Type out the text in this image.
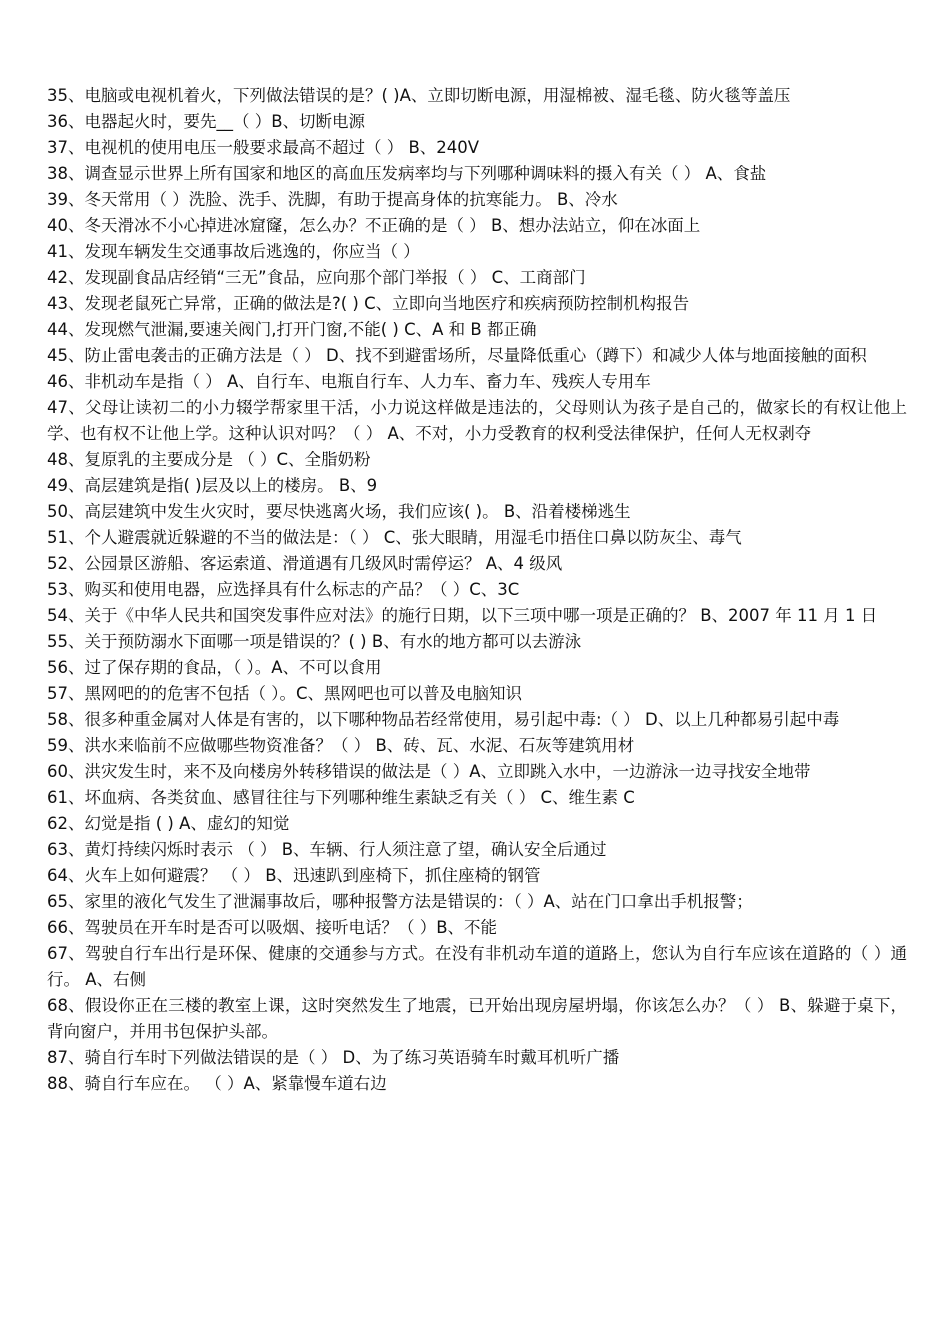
35、电脑或电视机着火，下列做法错误的是？( )A、立即切断电源，用湿棉被、湿毛毯、防火毯等盖压
36、电器起火时，要先__（ ）B、切断电源
37、电视机的使用电压一般要求最高不超过（ ） B、240V
38、调查显示世界上所有国家和地区的高血压发病率均与下列哪种调味料的摄入有关（ ） A、食盐
39、冬天常用（ ）洗脸、洗手、洗脚，有助于提高身体的抗寒能力。 B、冷水
40、冬天滑冰不小心掉进冰窟窿，怎么办？不正确的是（ ） B、想办法站立，仰在冰面上
41、发现车辆发生交通事故后逃逸的，你应当（ ）
42、发现副食品店经销“三无”食品，应向那个部门举报（ ） C、工商部门
43、发现老鼠死亡异常，正确的做法是?( ) C、立即向当地医疗和疾病预防控制机构报告
44、发现燃气泄漏,要速关阀门,打开门窗,不能( ) C、A 和 B 都正确
45、防止雷电袭击的正确方法是（ ） D、找不到避雷场所，尽量降低重心（蹲下）和减少人体与地面接触的面积
46、非机动车是指（ ） A、自行车、电瓶自行车、人力车、畜力车、残疾人专用车
47、父母让读初二的小力辍学帮家里干活，小力说这样做是违法的，父母则认为孩子是自己的，做家长的有权让他上学、也有权不让他上学。这种认识对吗？（ ） A、不对，小力受教育的权利受法律保护，任何人无权剥夺
48、复原乳的主要成分是 （ ）C、全脂奶粉
49、高层建筑是指( )层及以上的楼房。 B、9
50、高层建筑中发生火灾时，要尽快逃离火场，我们应该( )。 B、沿着楼梯逃生
51、个人避震就近躲避的不当的做法是：（ ） C、张大眼睛，用湿毛巾捂住口鼻以防灰尘、毒气
52、公园景区游船、客运索道、滑道遇有几级风时需停运？ A、4 级风
53、购买和使用电器，应选择具有什么标志的产品？（ ）C、3C
54、关于《中华人民共和国突发事件应对法》的施行日期，以下三项中哪一项是正确的？ B、2007 年 11 月 1 日
55、关于预防溺水下面哪一项是错误的？( ) B、有水的地方都可以去游泳
56、过了保存期的食品，（ ）。A、不可以食用
57、黑网吧的的危害不包括（ ）。C、黑网吧也可以普及电脑知识
58、很多种重金属对人体是有害的，以下哪种物品若经常使用，易引起中毒:（ ） D、以上几种都易引起中毒
59、洪水来临前不应做哪些物资准备？（ ） B、砖、瓦、水泥、石灰等建筑用材
60、洪灾发生时，来不及向楼房外转移错误的做法是（ ）A、立即跳入水中，一边游泳一边寻找安全地带
61、坏血病、各类贫血、感冒往往与下列哪种维生素缺乏有关（ ） C、维生素 C
62、幻觉是指 ( ) A、虚幻的知觉
63、黄灯持续闪烁时表示 （ ） B、车辆、行人须注意了望，确认安全后通过
64、火车上如何避震？ （ ） B、迅速趴到座椅下，抓住座椅的钢管
65、家里的液化气发生了泄漏事故后，哪种报警方法是错误的：（ ）A、站在门口拿出手机报警；
66、驾驶员在开车时是否可以吸烟、接听电话？（ ）B、不能
67、驾驶自行车出行是环保、健康的交通参与方式。在没有非机动车道的道路上，您认为自行车应该在道路的（ ）通行。 A、右侧
68、假设你正在三楼的教室上课，这时突然发生了地震，已开始出现房屋坍塌，你该怎么办？（ ） B、躲避于桌下，背向窗户，并用书包保护头部。
87、骑自行车时下列做法错误的是（ ） D、为了练习英语骑车时戴耳机听广播
88、骑自行车应在。 （ ）A、紧靠慢车道右边
